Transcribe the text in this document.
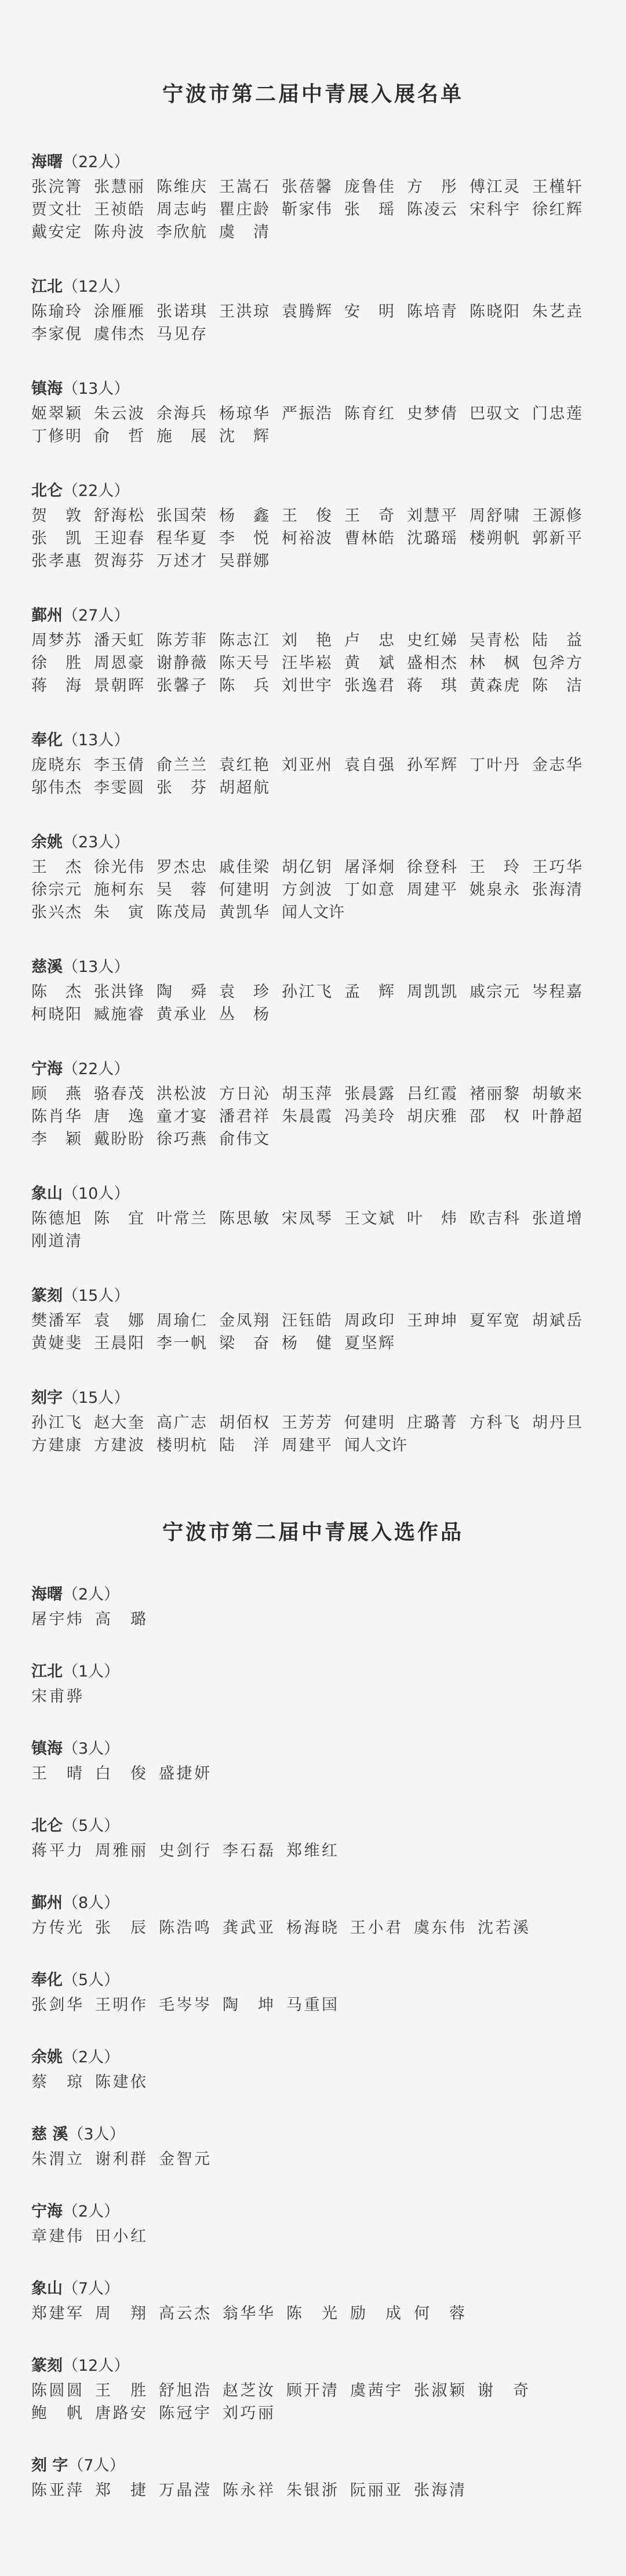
宁波市第二届中青展入展名单
海曙（22人）
张浣箐 张慧丽 陈维庆 王嵩石 张蓓馨 庞鲁佳 方 彤 傅江灵 王槿轩
贾文壮 王祯皓 周志屿 瞿庄龄 靳家伟 张 瑶 陈凌云 宋科宇 徐红辉
戴安定 陈舟波 李欣航 虞 清
江北（12人）
陈瑜玲 涂雁雁 张诺琪 王洪琼 袁腾辉 安 明 陈培青 陈晓阳 朱艺垚
李家俔 虞伟杰 马见存
镇海（13人）
姬翠颖 朱云波 余海兵 杨琼华 严振浩 陈育红 史梦倩 巴驭文 门忠莲
丁修明 俞 哲 施 展 沈 辉
北仑（22人）
贺 敦 舒海松 张国荣 杨 鑫 王 俊 王 奇 刘慧平 周舒啸 王源修
张 凯 王迎春 程华夏 李 悦 柯裕波 曹林皓 沈璐瑶 楼朔帆 郭新平
张孝惠 贺海芬 万述才 吴群娜
鄞州（27人）
周梦苏 潘天虹 陈芳菲 陈志江 刘 艳 卢 忠 史红娣 吴青松 陆 益
徐 胜 周恩豪 谢静薇 陈天号 汪毕崧 黄 斌 盛相杰 林 枫 包斧方
蒋 海 景朝晖 张馨子 陈 兵 刘世宇 张逸君 蒋 琪 黄森虎 陈 洁
奉化（13人）
庞晓东 李玉倩 俞兰兰 袁红艳 刘亚州 袁自强 孙军辉 丁叶丹 金志华
邬伟杰 李雯圆 张 芬 胡超航
余姚（23人）
王 杰 徐光伟 罗杰忠 戚佳梁 胡亿钥 屠泽炯 徐登科 王 玲 王巧华
徐宗元 施柯东 吴 蓉 何建明 方剑波 丁如意 周建平 姚泉永 张海清
张兴杰 朱 寅 陈茂局 黄凯华 闻人文许
慈溪（13人）
陈 杰 张洪锋 陶 舜 袁 珍 孙江飞 孟 辉 周凯凯 戚宗元 岑程嘉
柯晓阳 臧施睿 黄承业 丛 杨
宁海（22人）
顾 燕 骆春茂 洪松波 方日沁 胡玉萍 张晨露 吕红霞 褚丽黎 胡敏来
陈肖华 唐 逸 童才宴 潘君祥 朱晨霞 冯美玲 胡庆雅 邵 权 叶静超
李 颖 戴盼盼 徐巧燕 俞伟文
象山（10人）
陈德旭 陈 宜 叶常兰 陈思敏 宋凤琴 王文斌 叶 炜 欧吉科 张道增
刚道清
篆刻（15人）
樊潘军 袁 娜 周瑜仁 金凤翔 汪钰皓 周政印 王珅坤 夏军宽 胡斌岳
黄婕斐 王晨阳 李一帆 梁 奋 杨 健 夏坚辉
刻字（15人）
孙江飞 赵大奎 高广志 胡佰权 王芳芳 何建明 庄璐菁 方科飞 胡丹旦
方建康 方建波 楼明杭 陆 洋 周建平 闻人文许
宁波市第二届中青展入选作品
海曙（2人）
屠宇炜 高 璐
江北（1人）
宋甫骅
镇海（3人）
王 晴 白 俊 盛捷妍
北仑（5人）
蒋平力 周雅丽 史剑行 李石磊 郑维红
鄞州（8人）
方传光 张 辰 陈浩鸣 龚武亚 杨海晓 王小君 虞东伟 沈若溪
奉化（5人）
张剑华 王明作 毛岑岑 陶 坤 马重国
余姚（2人）
蔡 琼 陈建依
慈 溪（3人）
朱渭立 谢利群 金智元
宁海（2人）
章建伟 田小红
象山（7人）
郑建军 周 翔 高云杰 翁华华 陈 光 励 成 何 蓉
篆刻（12人）
陈圆圆 王 胜 舒旭浩 赵芝汝 顾开清 虞茜宇 张淑颖 谢 奇
鲍 帆 唐路安 陈冠宇 刘巧丽
刻 字（7人）
陈亚萍 郑 捷 万晶滢 陈永祥 朱银浙 阮丽亚 张海清
